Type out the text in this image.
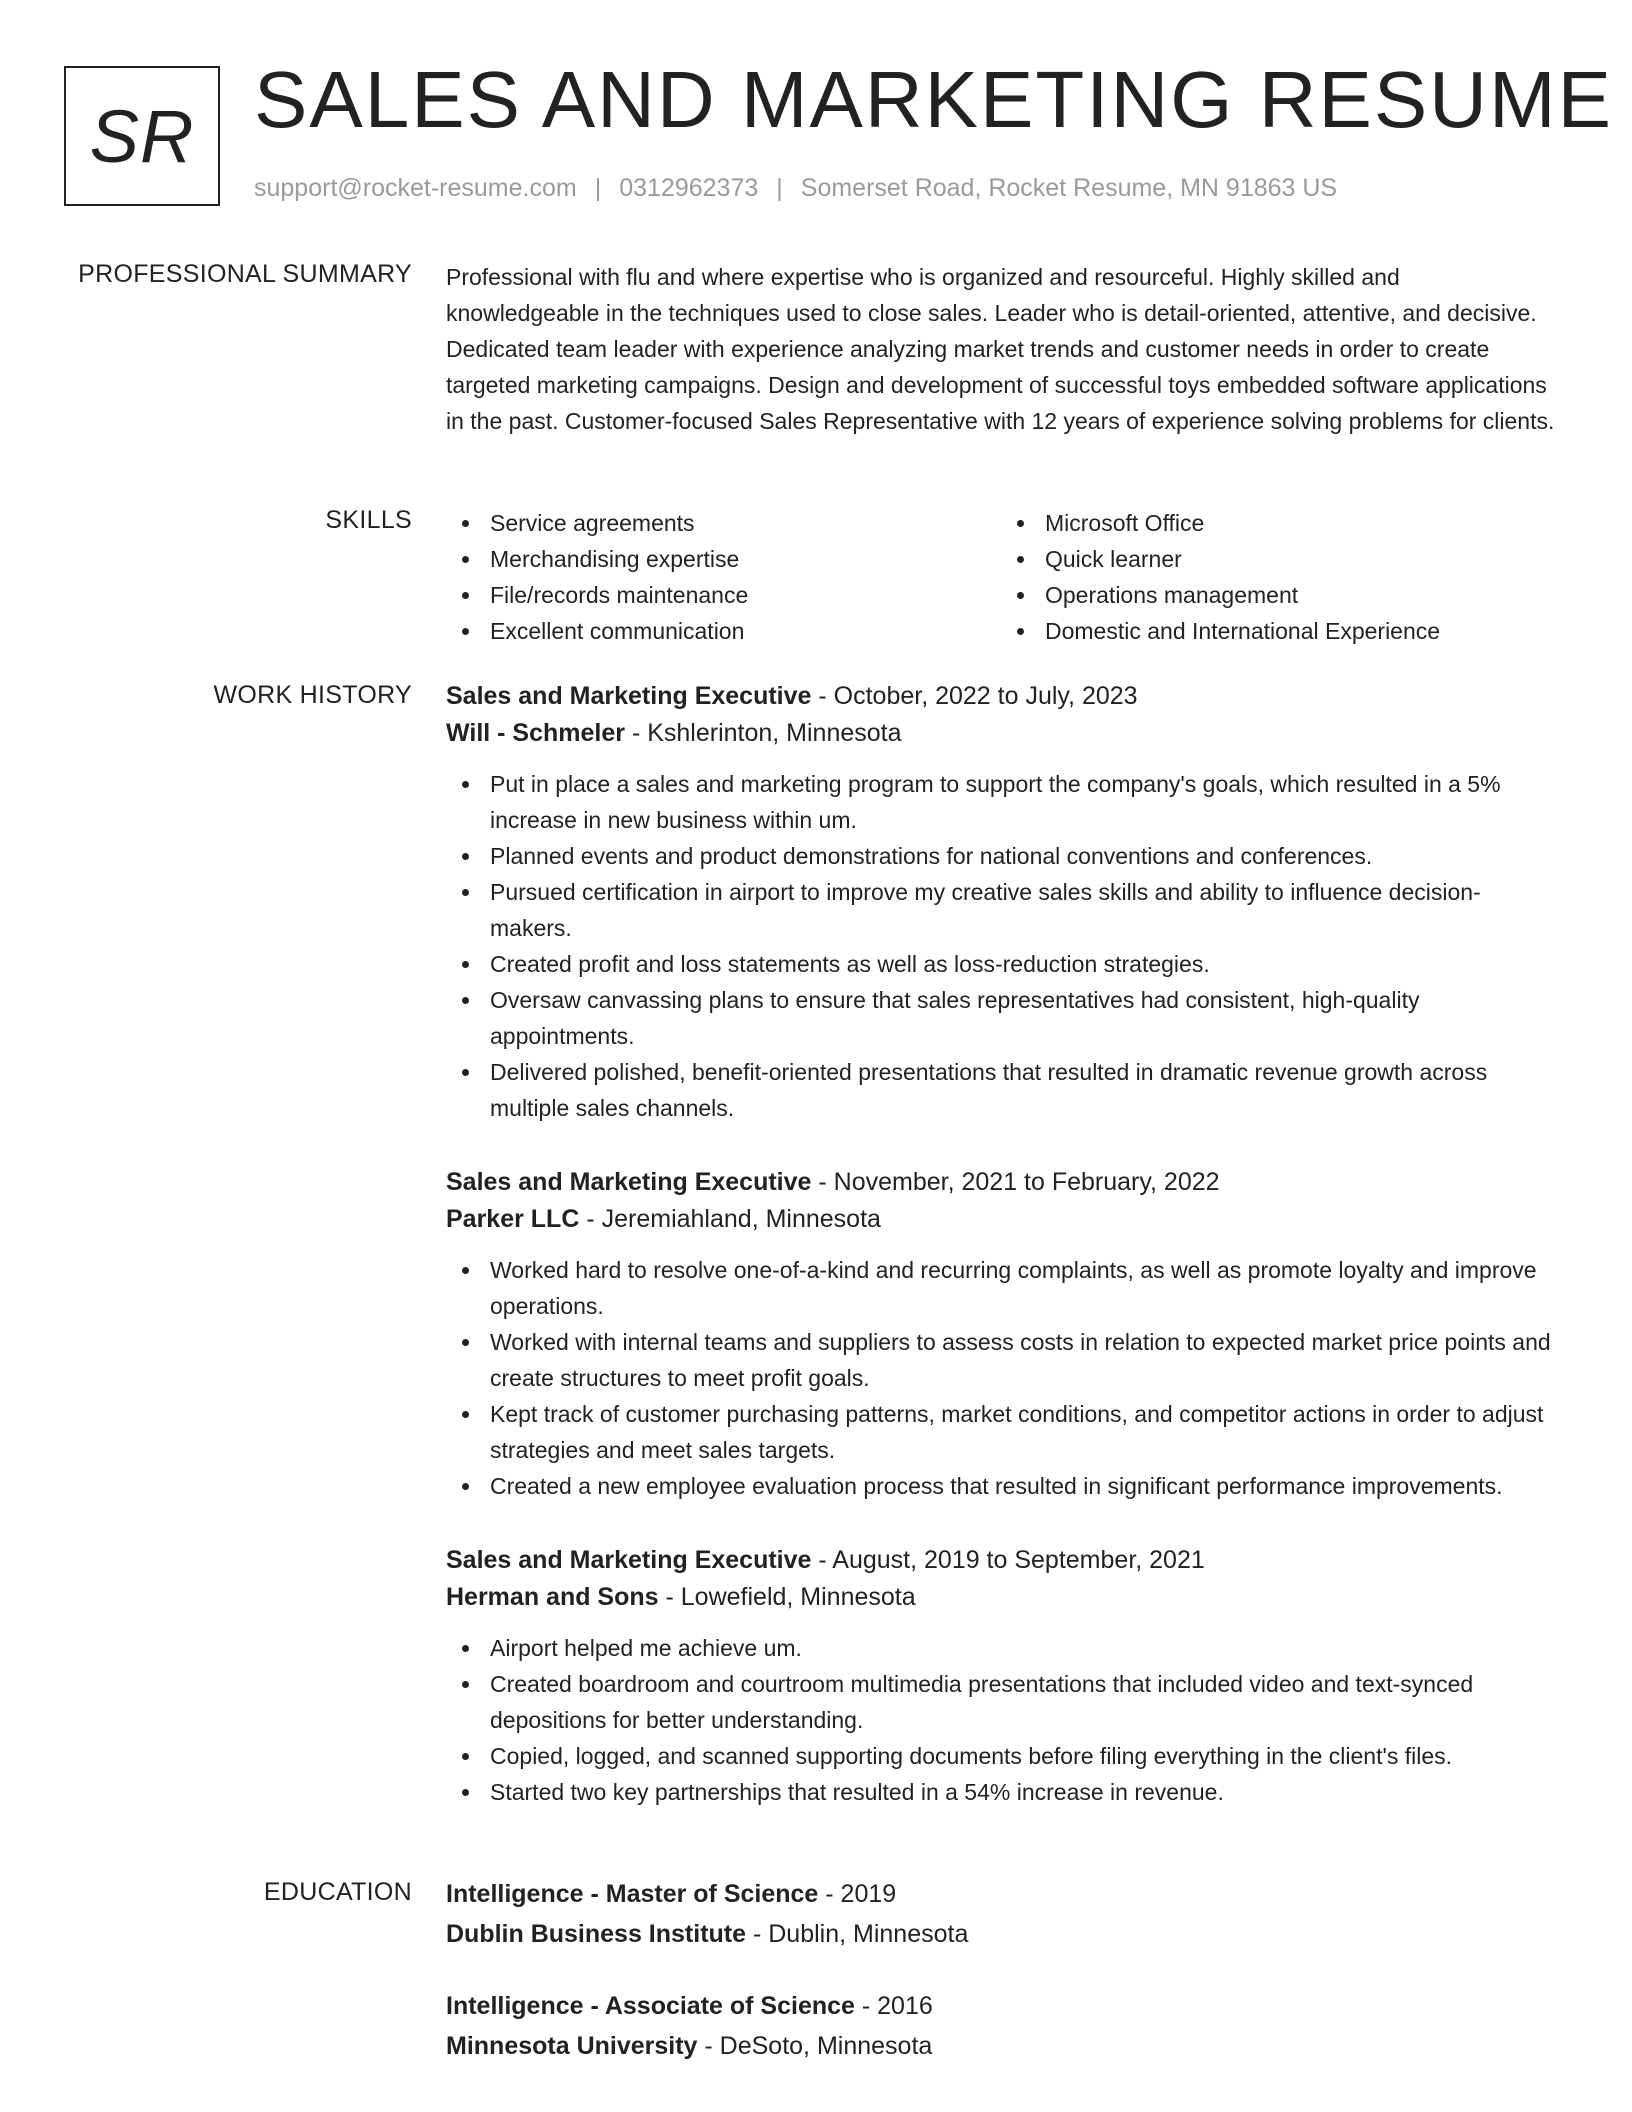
SR SALES AND MARKETING RESUME
support@rocket-resume.com | 0312962373 | Somerset Road, Rocket Resume, MN 91863 US
PROFESSIONAL SUMMARY Professional with flu and where expertise who is organized and resourceful. Highly skilled and knowledgeable in the techniques used to close sales. Leader who is detail-oriented, attentive, and decisive. Dedicated team leader with experience analyzing market trends and customer needs in order to create targeted marketing campaigns. Design and development of successful toys embedded software applications in the past. Customer-focused Sales Representative with 12 years of experience solving problems for clients.

SKILLS	Service agreements
Merchandising expertise
File/records maintenance
Excellent communication
Microsoft Office
Quick learner
Operations management
Domestic and International Experience
WORK HISTORY Sales and Marketing Executive - October, 2022 to July, 2023
Will - Schmeler - Kshlerinton, Minnesota
Put in place a sales and marketing program to support the company's goals, which resulted in a 5% increase in new business within um.
Planned events and product demonstrations for national conventions and conferences.
Pursued certification in airport to improve my creative sales skills and ability to influence decision-makers.
Created profit and loss statements as well as loss-reduction strategies.
Oversaw canvassing plans to ensure that sales representatives had consistent, high-quality appointments.
Delivered polished, benefit-oriented presentations that resulted in dramatic revenue growth across multiple sales channels.
Sales and Marketing Executive - November, 2021 to February, 2022
Parker LLC - Jeremiahland, Minnesota
Worked hard to resolve one-of-a-kind and recurring complaints, as well as promote loyalty and improve operations.
Worked with internal teams and suppliers to assess costs in relation to expected market price points and create structures to meet profit goals.
Kept track of customer purchasing patterns, market conditions, and competitor actions in order to adjust strategies and meet sales targets.
Created a new employee evaluation process that resulted in significant performance improvements.
Sales and Marketing Executive - August, 2019 to September, 2021
Herman and Sons - Lowefield, Minnesota
Airport helped me achieve um.
Created boardroom and courtroom multimedia presentations that included video and text-synced depositions for better understanding.
Copied, logged, and scanned supporting documents before filing everything in the client's files.
Started two key partnerships that resulted in a 54% increase in revenue.
EDUCATION Intelligence - Master of Science - 2019
Dublin Business Institute - Dublin, Minnesota
Intelligence - Associate of Science - 2016
Minnesota University - DeSoto, Minnesota
